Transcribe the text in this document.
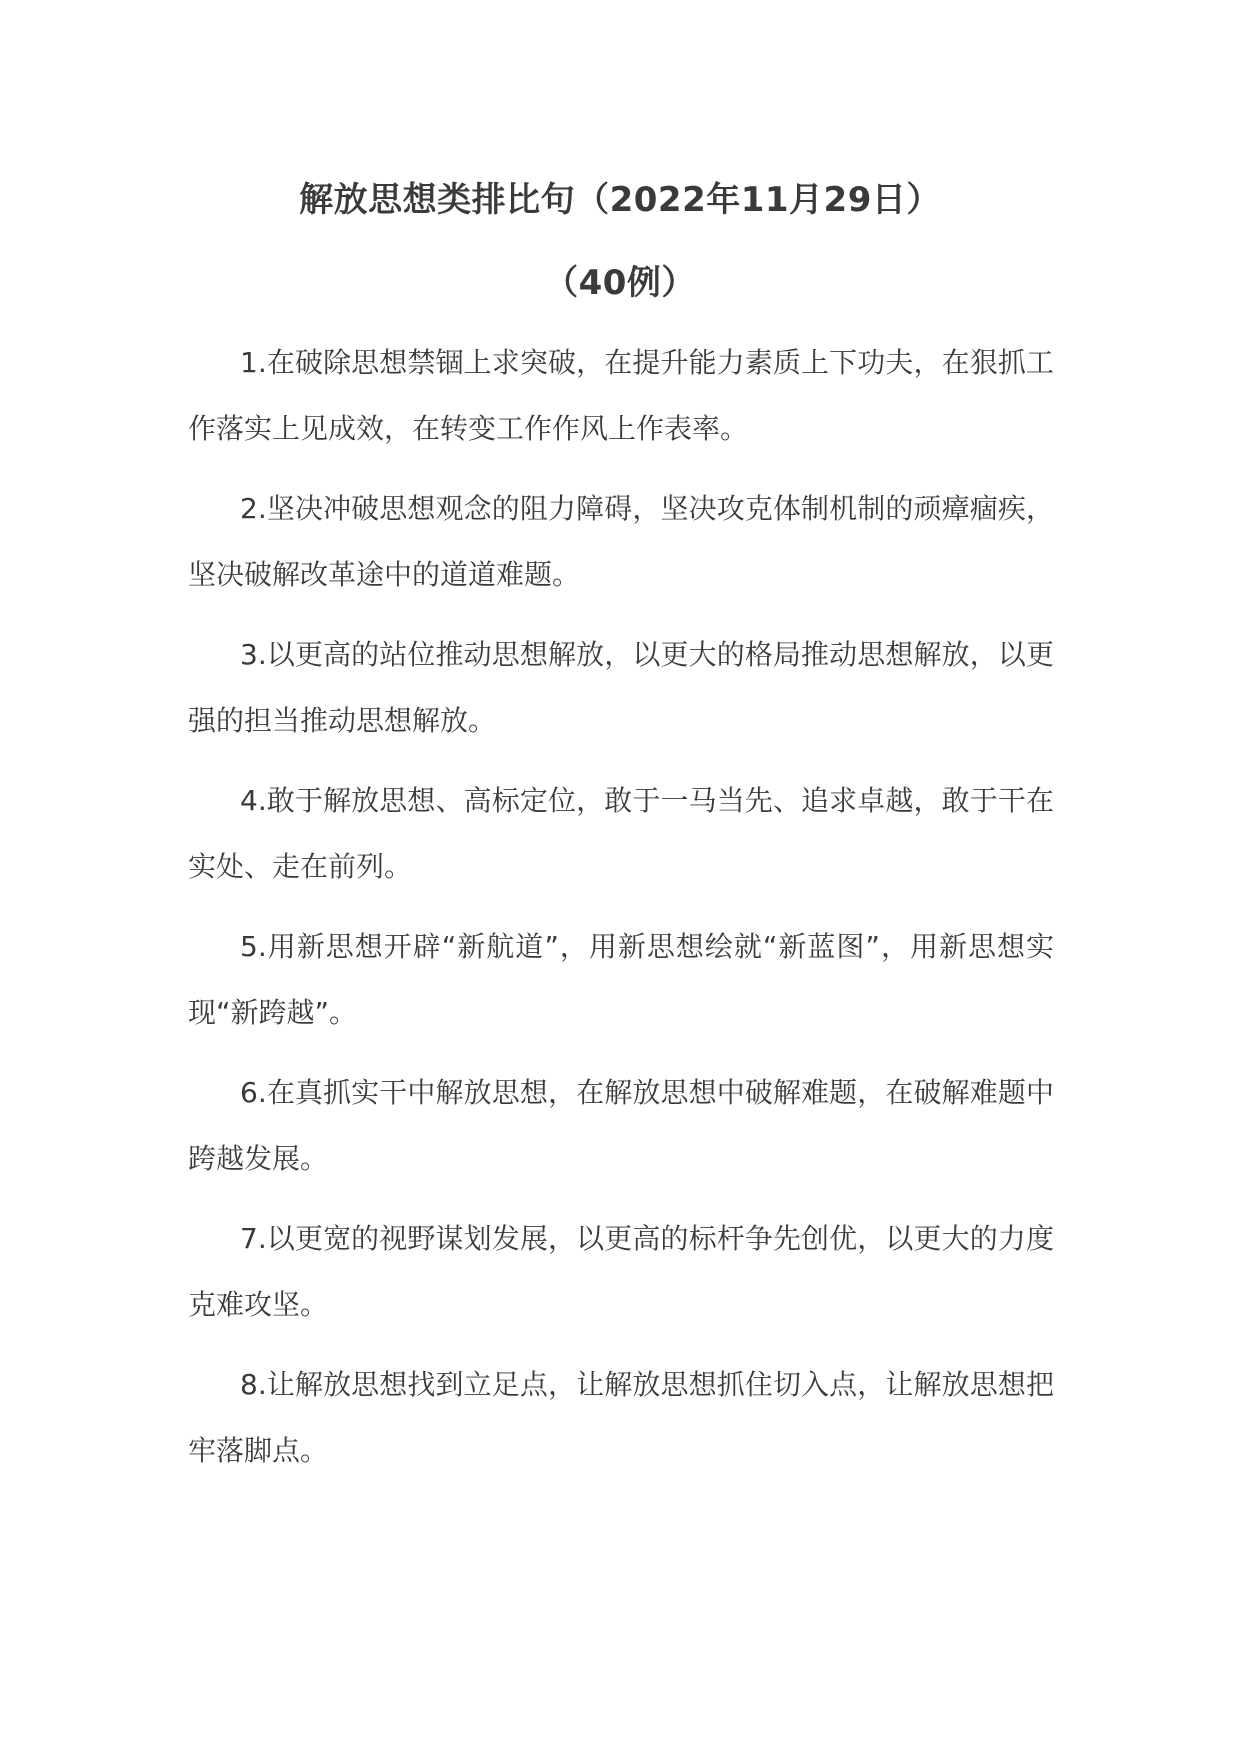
解放思想类排比句（2022年11月29日）
（40例）

1.在破除思想禁锢上求突破，在提升能力素质上下功夫，在狠抓工作落实上见成效，在转变工作作风上作表率。

2.坚决冲破思想观念的阻力障碍，坚决攻克体制机制的顽瘴痼疾，坚决破解改革途中的道道难题。

3.以更高的站位推动思想解放，以更大的格局推动思想解放，以更强的担当推动思想解放。

4.敢于解放思想、高标定位，敢于一马当先、追求卓越，敢于干在实处、走在前列。

5.用新思想开辟“新航道”，用新思想绘就“新蓝图”，用新思想实现“新跨越”。

6.在真抓实干中解放思想，在解放思想中破解难题，在破解难题中跨越发展。

7.以更宽的视野谋划发展，以更高的标杆争先创优，以更大的力度克难攻坚。

8.让解放思想找到立足点，让解放思想抓住切入点，让解放思想把牢落脚点。
